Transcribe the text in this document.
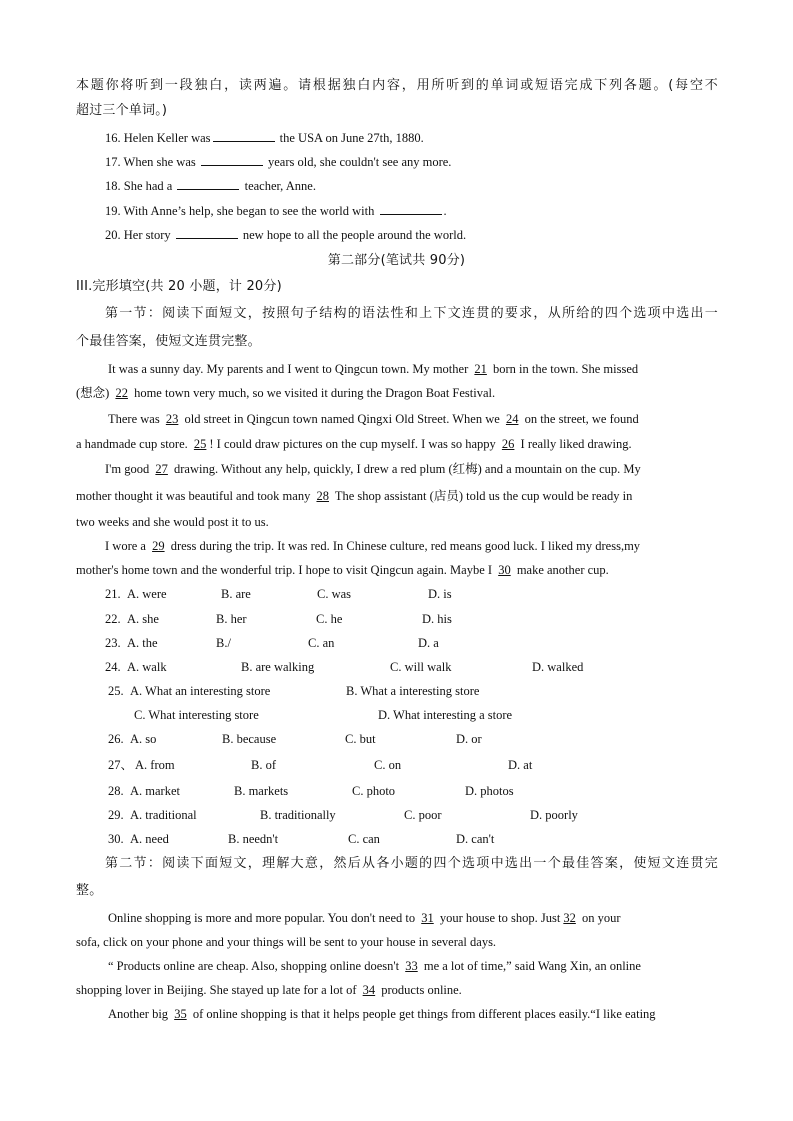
本题你将听到一段独白，读两遍。请根据独白内容，用所听到的单词或短语完成下列各题。(每空不
超过三个单词。)
16. Helen Keller was	the USA on June 27th, 1880.
17. When she was	years old, she couldn't see any more.
18. She had a	teacher, Anne.
19. With Anne’s help, she began to see the world with	.
20. Her story	new hope to all the people around the world.
第二部分(笔试共 90分)
III.完形填空(共 20 小题，计 20分)
第一节：阅读下面短文，按照句子结构的语法性和上下文连贯的要求，从所给的四个选项中选出一
个最佳答案，使短文连贯完整。
It was a sunny day. My parents and I went to Qingcun town. My mother 21 born in the town. She missed
(想念) 22 home town very much, so we visited it during the Dragon Boat Festival.
There was 23 old street in Qingcun town named Qingxi Old Street. When we 24 on the street, we found
a handmade cup store. 25 ! I could draw pictures on the cup myself. I was so happy 26 I really liked drawing.
I'm good 27 drawing. Without any help, quickly, I drew a red plum (红梅) and a mountain on the cup. My
mother thought it was beautiful and took many 28 The shop assistant (店员) told us the cup would be ready in
two weeks and she would post it to us.
I wore a 29 dress during the trip. It was red. In Chinese culture, red means good luck. I liked my dress,my
mother's home town and the wonderful trip. I hope to visit Qingcun again. Maybe I 30 make another cup.
21. A. were	B. are	C. was	D. is
22. A. she	B. her	C. he	D. his
23. A. the	B./	C. an	D. a
24. A. walk	B. are walking	C. will walk	D. walked
25. A. What an interesting store	B. What a interesting store
C. What interesting store	D. What interesting a store
26. A. so	B. because	C. but	D. or
27、 A. from	B. of	C. on	D. at
28. A. market	B. markets	C. photo	D. photos
29. A. traditional	B. traditionally	C. poor	D. poorly
30. A. need	B. needn't	C. can	D. can't
第二节：阅读下面短文，理解大意，然后从各小题的四个选项中选出一个最佳答案，使短文连贯完
整。
Online shopping is more and more popular. You don't need to 31 your house to shop. Just 32 on your
sofa, click on your phone and your things will be sent to your house in several days.
“ Products online are cheap. Also, shopping online doesn't 33 me a lot of time,” said Wang Xin, an online
shopping lover in Beijing. She stayed up late for a lot of 34 products online.
Another big 35 of online shopping is that it helps people get things from different places easily.“I like eating
